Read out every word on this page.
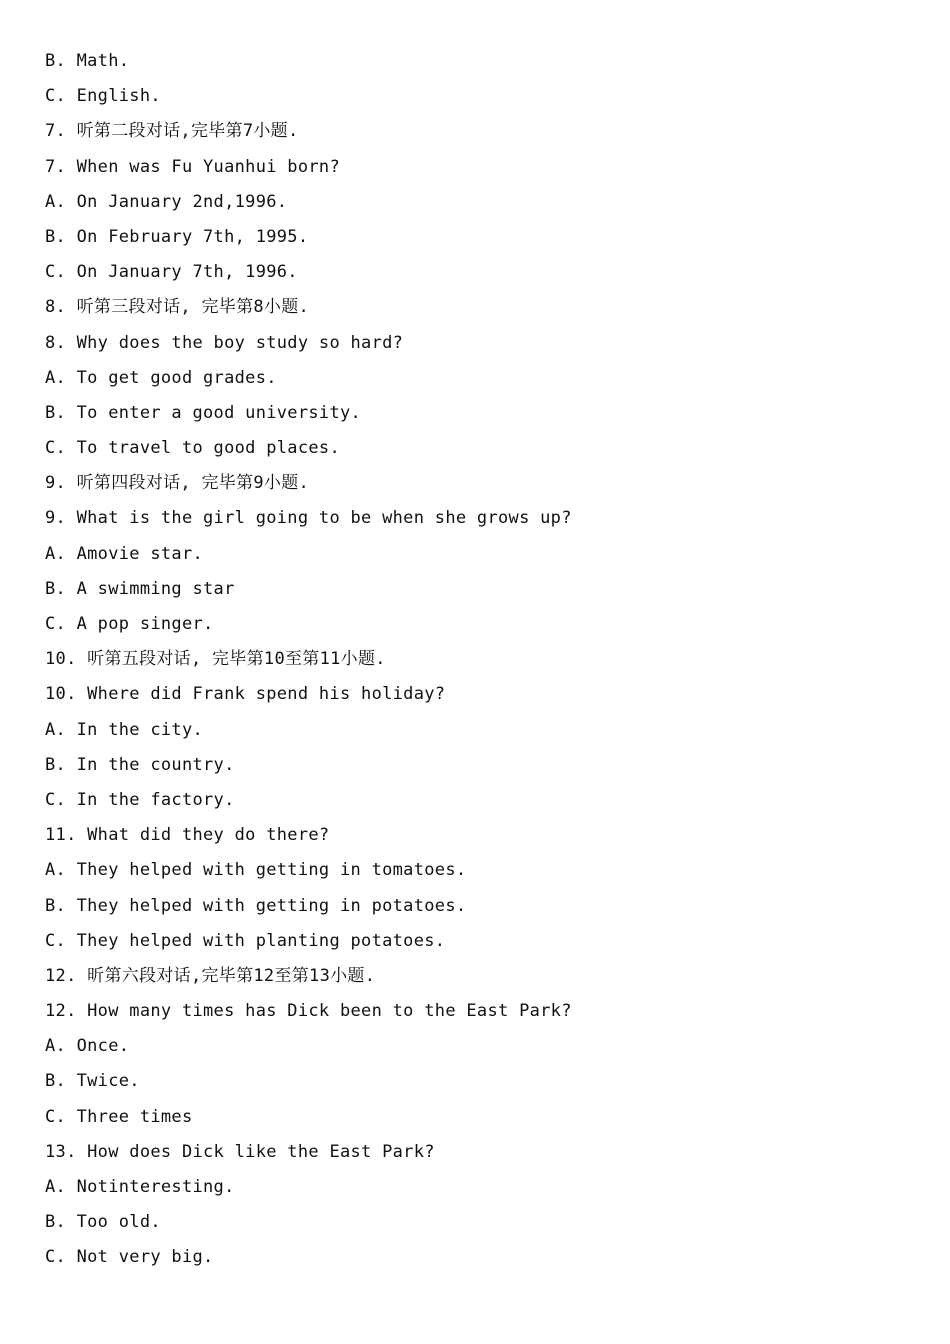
B. Math.
C. English.
7. 听第二段对话,完毕第7小题.
7. When was Fu Yuanhui born?
A. On January 2nd,1996.
B. On February 7th, 1995.
C. On January 7th, 1996.
8. 听第三段对话, 完毕第8小题.
8. Why does the boy study so hard?
A. To get good grades.
B. To enter a good university.
C. To travel to good places.
9. 听第四段对话, 完毕第9小题.
9. What is the girl going to be when she grows up?
A. Amovie star.
B. A swimming star
C. A pop singer.
10. 听第五段对话, 完毕第10至第11小题.
10. Where did Frank spend his holiday?
A. In the city.
B. In the country.
C. In the factory.
11. What did they do there?
A. They helped with getting in tomatoes.
B. They helped with getting in potatoes.
C. They helped with planting potatoes.
12. 昕第六段对话,完毕第12至第13小题.
12. How many times has Dick been to the East Park?
A. Once.
B. Twice.
C. Three times
13. How does Dick like the East Park?
A. Notinteresting.
B. Too old.
C. Not very big.
